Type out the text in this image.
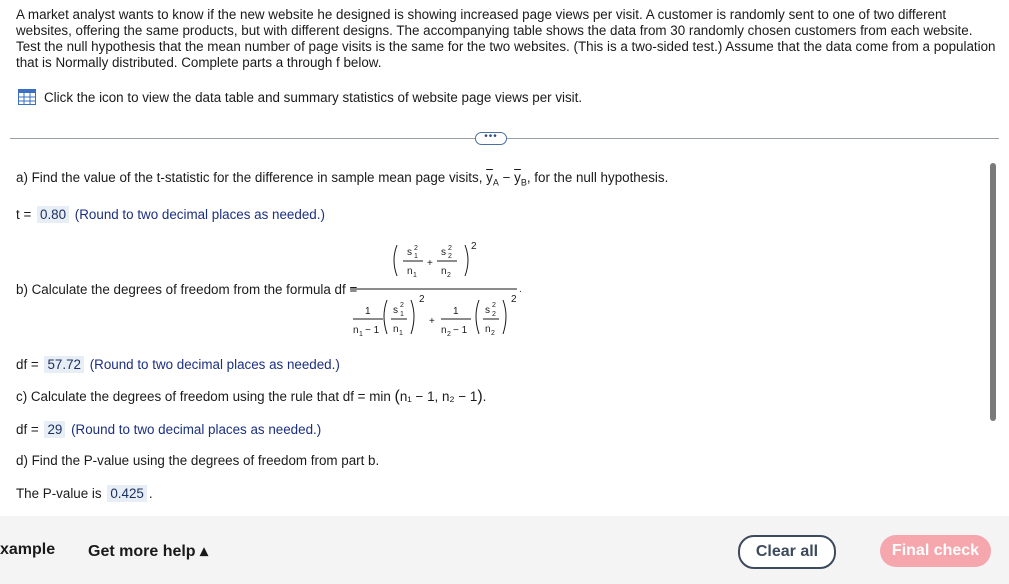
A market analyst wants to know if the new website he designed is showing increased page views per visit. A customer is randomly sent to one of two different websites, offering the same products, but with different designs. The accompanying table shows the data from 30 randomly chosen customers from each website. Test the null hypothesis that the mean number of page visits is the same for the two websites. (This is a two-sided test.) Assume that the data come from a population that is Normally distributed. Complete parts a through f below.
Click the icon to view the data table and summary statistics of website page views per visit.
•••
a) Find the value of the t-statistic for the difference in sample mean page visits, $\overline{y}_A - \overline{y}_B$, for the null hypothesis.
t = 0.80 (Round to two decimal places as needed.)
b) Calculate the degrees of freedom from the formula df =
s 2
1
n 1
+
s 2
2
n 2
2
.
1
n 1 − 1
s 2
1
n 1
2
+
1
n 2 − 1
s 2
2
n 2
2
df = 57.72 (Round to two decimal places as needed.)
c) Calculate the degrees of freedom using the rule that df = min (n₁ − 1, n₂ − 1).
df = 29 (Round to two decimal places as needed.)
d) Find the P-value using the degrees of freedom from part b.
The P-value is 0.425 .
xample Get more help ▴	Clear all	Final check
